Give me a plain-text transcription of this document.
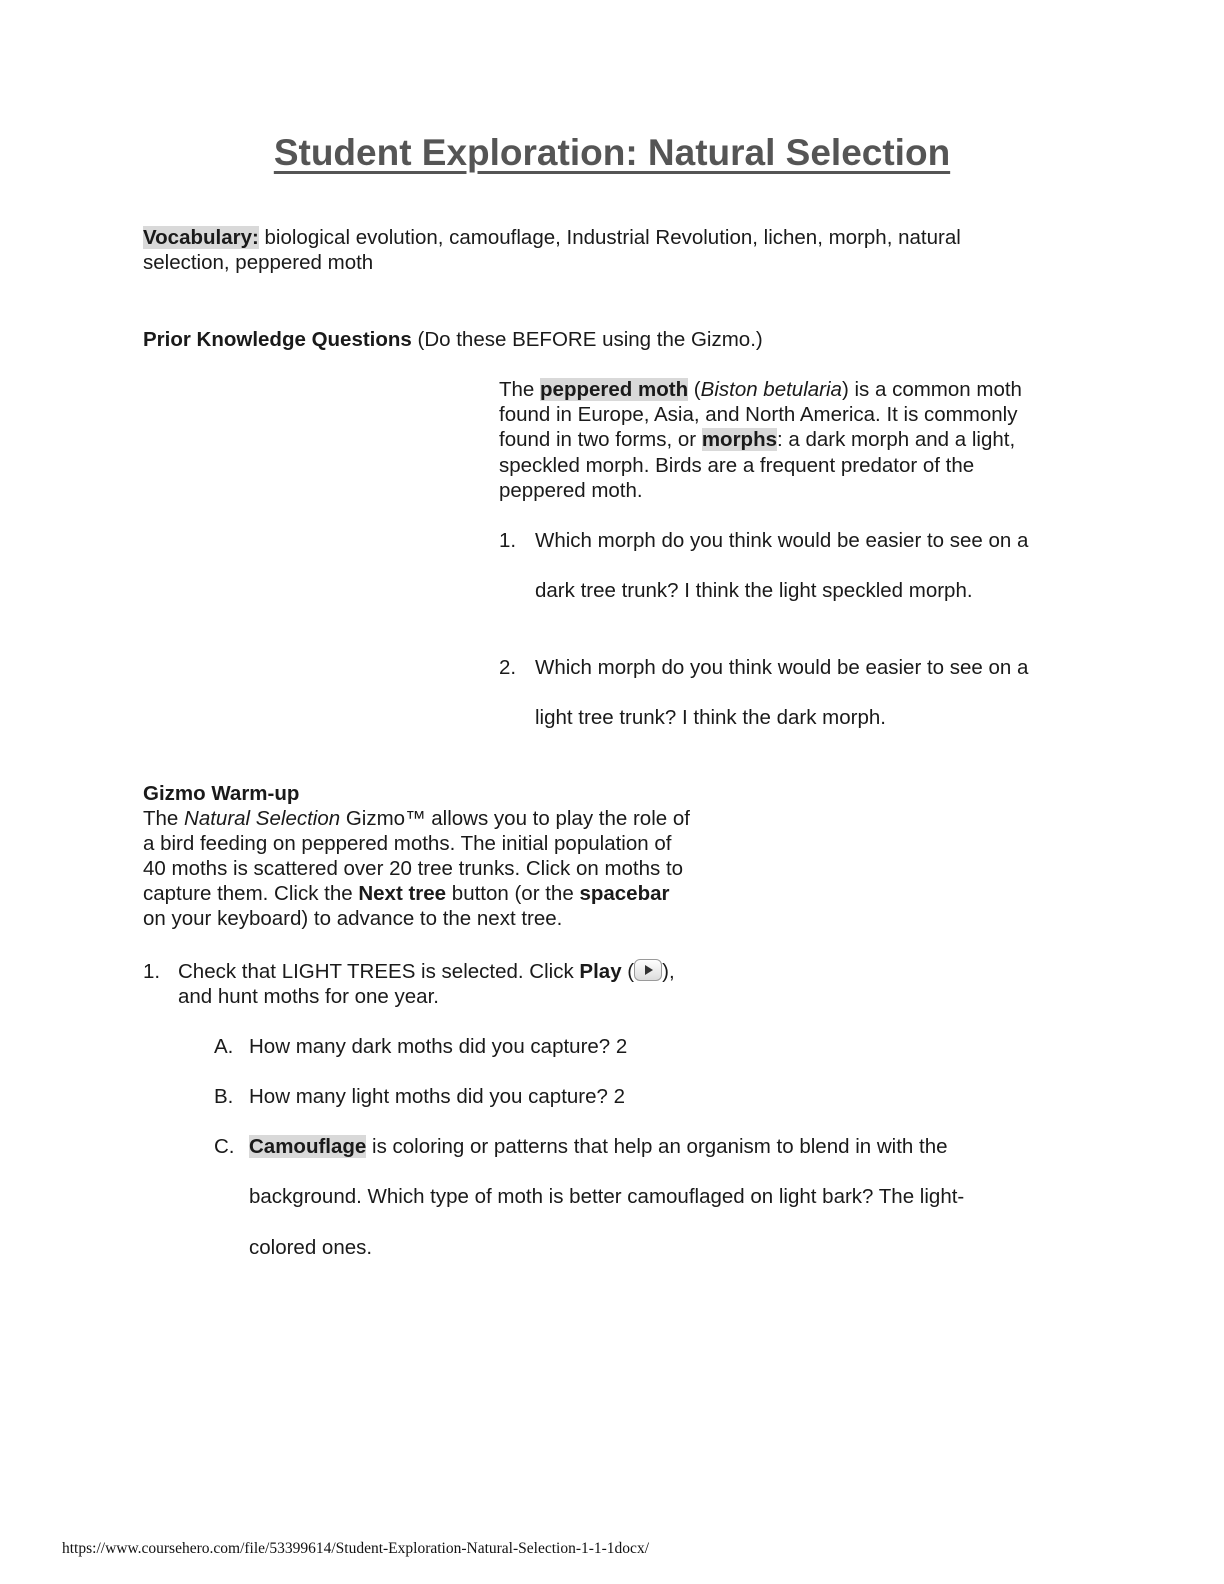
Student Exploration: Natural Selection
Vocabulary: biological evolution, camouflage, Industrial Revolution, lichen, morph, natural
selection, peppered moth
Prior Knowledge Questions (Do these BEFORE using the Gizmo.)
The peppered moth (Biston betularia) is a common moth
found in Europe, Asia, and North America. It is commonly
found in two forms, or morphs: a dark morph and a light,
speckled morph. Birds are a frequent predator of the
peppered moth.
1. Which morph do you think would be easier to see on a
dark tree trunk? I think the light speckled morph.
2. Which morph do you think would be easier to see on a
light tree trunk? I think the dark morph.
Gizmo Warm-up
The Natural Selection Gizmo™ allows you to play the role of
a bird feeding on peppered moths. The initial population of
40 moths is scattered over 20 tree trunks. Click on moths to
capture them. Click the Next tree button (or the spacebar
on your keyboard) to advance to the next tree.
1. Check that LIGHT TREES is selected. Click Play ( ),
and hunt moths for one year.
A. How many dark moths did you capture? 2
B. How many light moths did you capture? 2
C. Camouflage is coloring or patterns that help an organism to blend in with the
background. Which type of moth is better camouflaged on light bark? The light-
colored ones.
https://www.coursehero.com/file/53399614/Student-Exploration-Natural-Selection-1-1-1docx/
